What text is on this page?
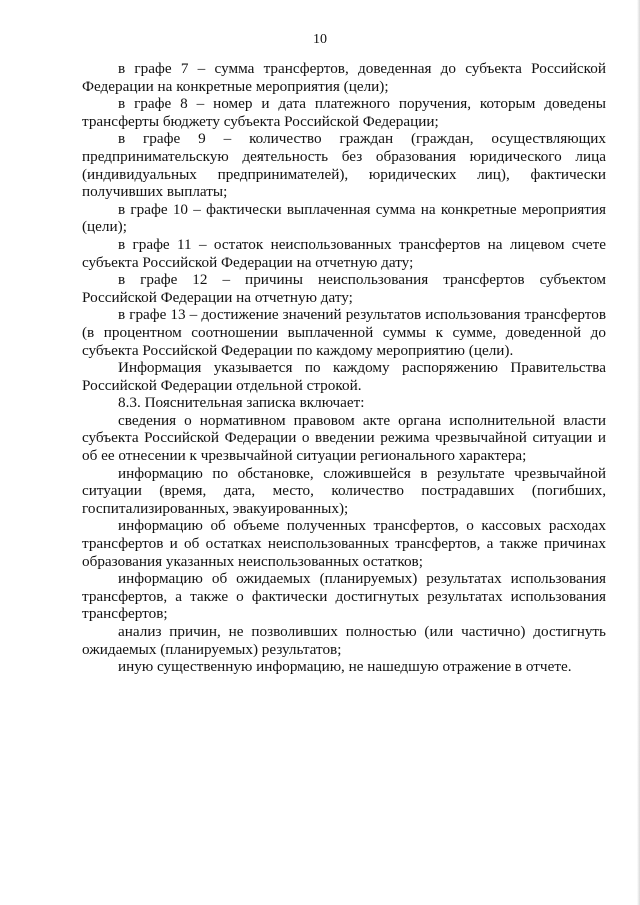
10

в графе 7 – сумма трансфертов, доведенная до субъекта Российской Федерации на конкретные мероприятия (цели);

в графе 8 – номер и дата платежного поручения, которым доведены трансферты бюджету субъекта Российской Федерации;

в графе 9 – количество граждан (граждан, осуществляющих предпринимательскую деятельность без образования юридического лица (индивидуальных предпринимателей), юридических лиц), фактически получивших выплаты;

в графе 10 – фактически выплаченная сумма на конкретные мероприятия (цели);

в графе 11 – остаток неиспользованных трансфертов на лицевом счете субъекта Российской Федерации на отчетную дату;

в графе 12 – причины неиспользования трансфертов субъектом Российской Федерации на отчетную дату;

в графе 13 – достижение значений результатов использования трансфертов (в процентном соотношении выплаченной суммы к сумме, доведенной до субъекта Российской Федерации по каждому мероприятию (цели).

Информация указывается по каждому распоряжению Правительства Российской Федерации отдельной строкой.

8.3. Пояснительная записка включает:

сведения о нормативном правовом акте органа исполнительной власти субъекта Российской Федерации о введении режима чрезвычайной ситуации и об ее отнесении к чрезвычайной ситуации регионального характера;

информацию по обстановке, сложившейся в результате чрезвычайной ситуации (время, дата, место, количество пострадавших (погибших, госпитализированных, эвакуированных);

информацию об объеме полученных трансфертов, о кассовых расходах трансфертов и об остатках неиспользованных трансфертов, а также причинах образования указанных неиспользованных остатков;

информацию об ожидаемых (планируемых) результатах использования трансфертов, а также о фактически достигнутых результатах использования трансфертов;

анализ причин, не позволивших полностью (или частично) достигнуть ожидаемых (планируемых) результатов;

иную существенную информацию, не нашедшую отражение в отчете.
